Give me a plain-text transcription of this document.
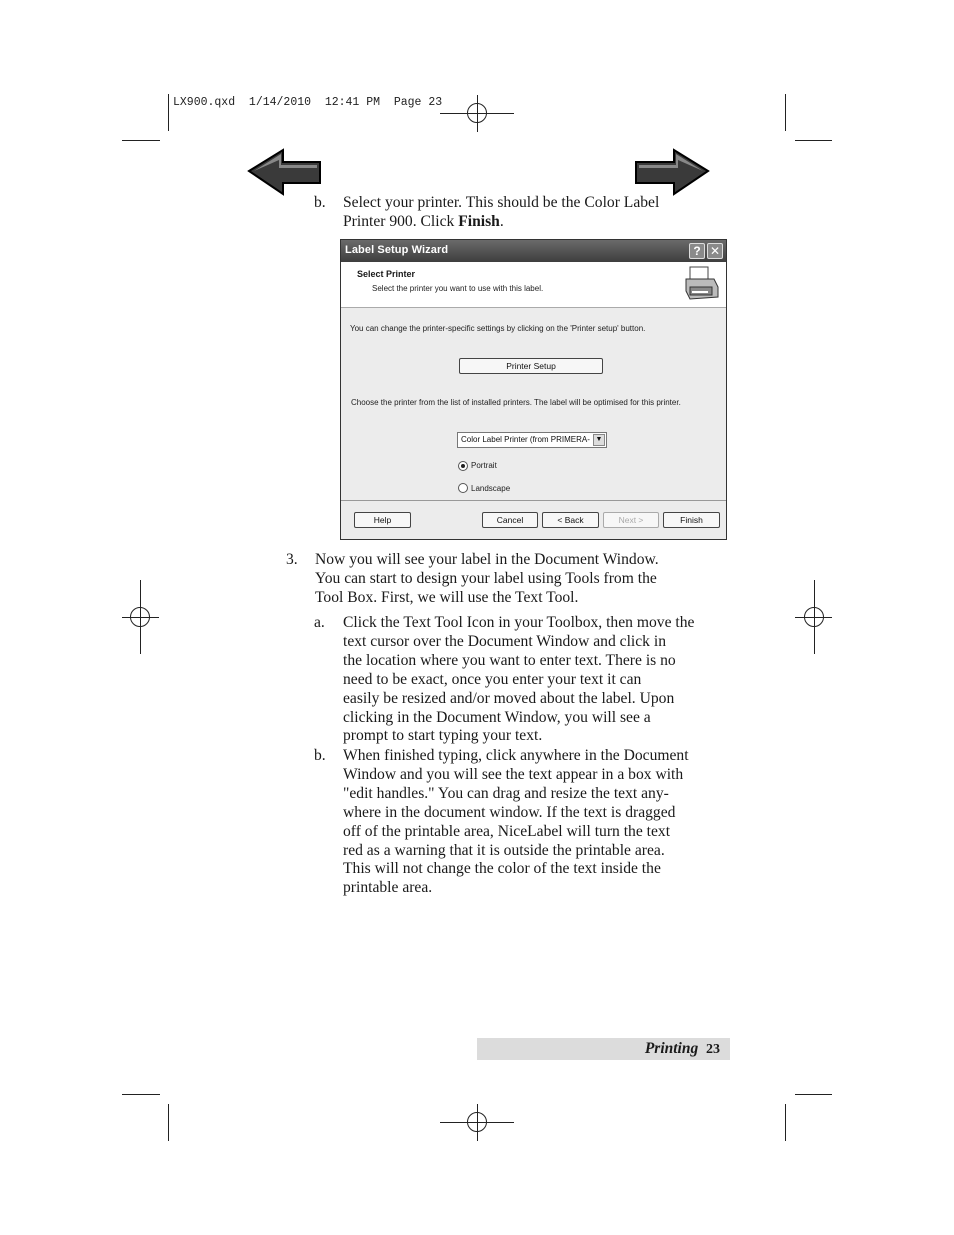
LX900.qxd  1/14/2010  12:41 PM  Page 23
b. Select your printer. This should be the Color Label
Printer 900. Click Finish.
Label Setup Wizard	? ✕
Select Printer
Select the printer you want to use with this label.
You can change the printer-specific settings by clicking on the 'Printer setup' button.
Printer Setup
Choose the printer from the list of installed printers. The label will be optimised for this printer.
Color Label Printer (from PRIMERA- ▼
Portrait
Landscape
Help	Cancel	< Back	Next >	Finish
3. Now you will see your label in the Document Window.
You can start to design your label using Tools from the
Tool Box. First, we will use the Text Tool.
a. Click the Text Tool Icon in your Toolbox, then move the
text cursor over the Document Window and click in
the location where you want to enter text. There is no
need to be exact, once you enter your text it can
easily be resized and/or moved about the label. Upon
clicking in the Document Window, you will see a
prompt to start typing your text.
b. When finished typing, click anywhere in the Document
Window and you will see the text appear in a box with
"edit handles." You can drag and resize the text any-
where in the document window. If the text is dragged
off of the printable area, NiceLabel will turn the text
red as a warning that it is outside the printable area.
This will not change the color of the text inside the
printable area.
Printing 23
